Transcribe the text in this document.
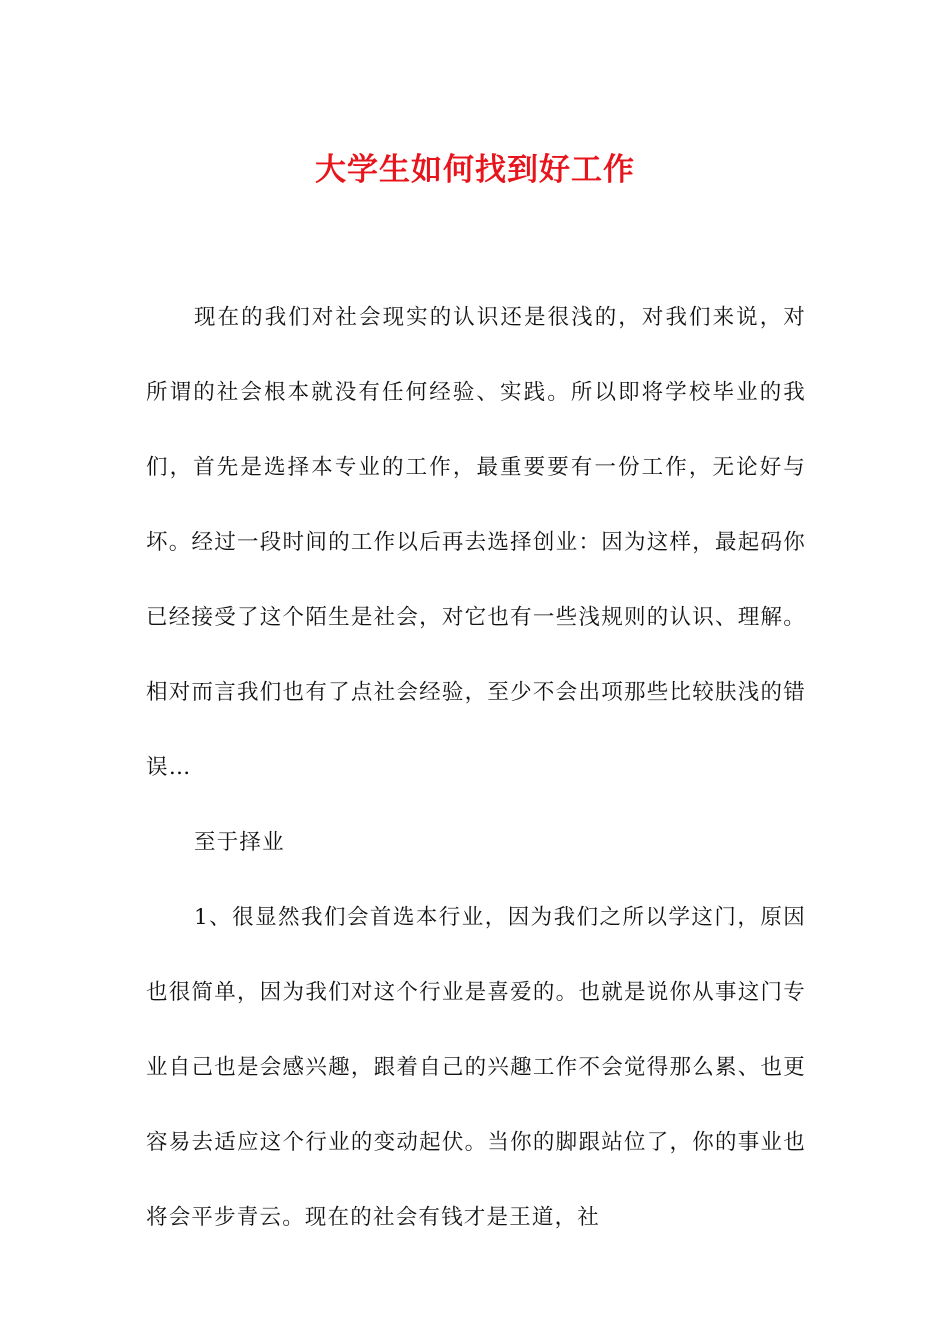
大学生如何找到好工作

现在的我们对社会现实的认识还是很浅的，对我们来说，对所谓的社会根本就没有任何经验、实践。所以即将学校毕业的我们，首先是选择本专业的工作，最重要要有一份工作，无论好与坏。经过一段时间的工作以后再去选择创业：因为这样，最起码你已经接受了这个陌生是社会，对它也有一些浅规则的认识、理解。相对而言我们也有了点社会经验，至少不会出项那些比较肤浅的错误…

至于择业

1、很显然我们会首选本行业，因为我们之所以学这门，原因也很简单，因为我们对这个行业是喜爱的。也就是说你从事这门专业自己也是会感兴趣，跟着自己的兴趣工作不会觉得那么累、也更容易去适应这个行业的变动起伏。当你的脚跟站位了，你的事业也将会平步青云。现在的社会有钱才是王道，社
